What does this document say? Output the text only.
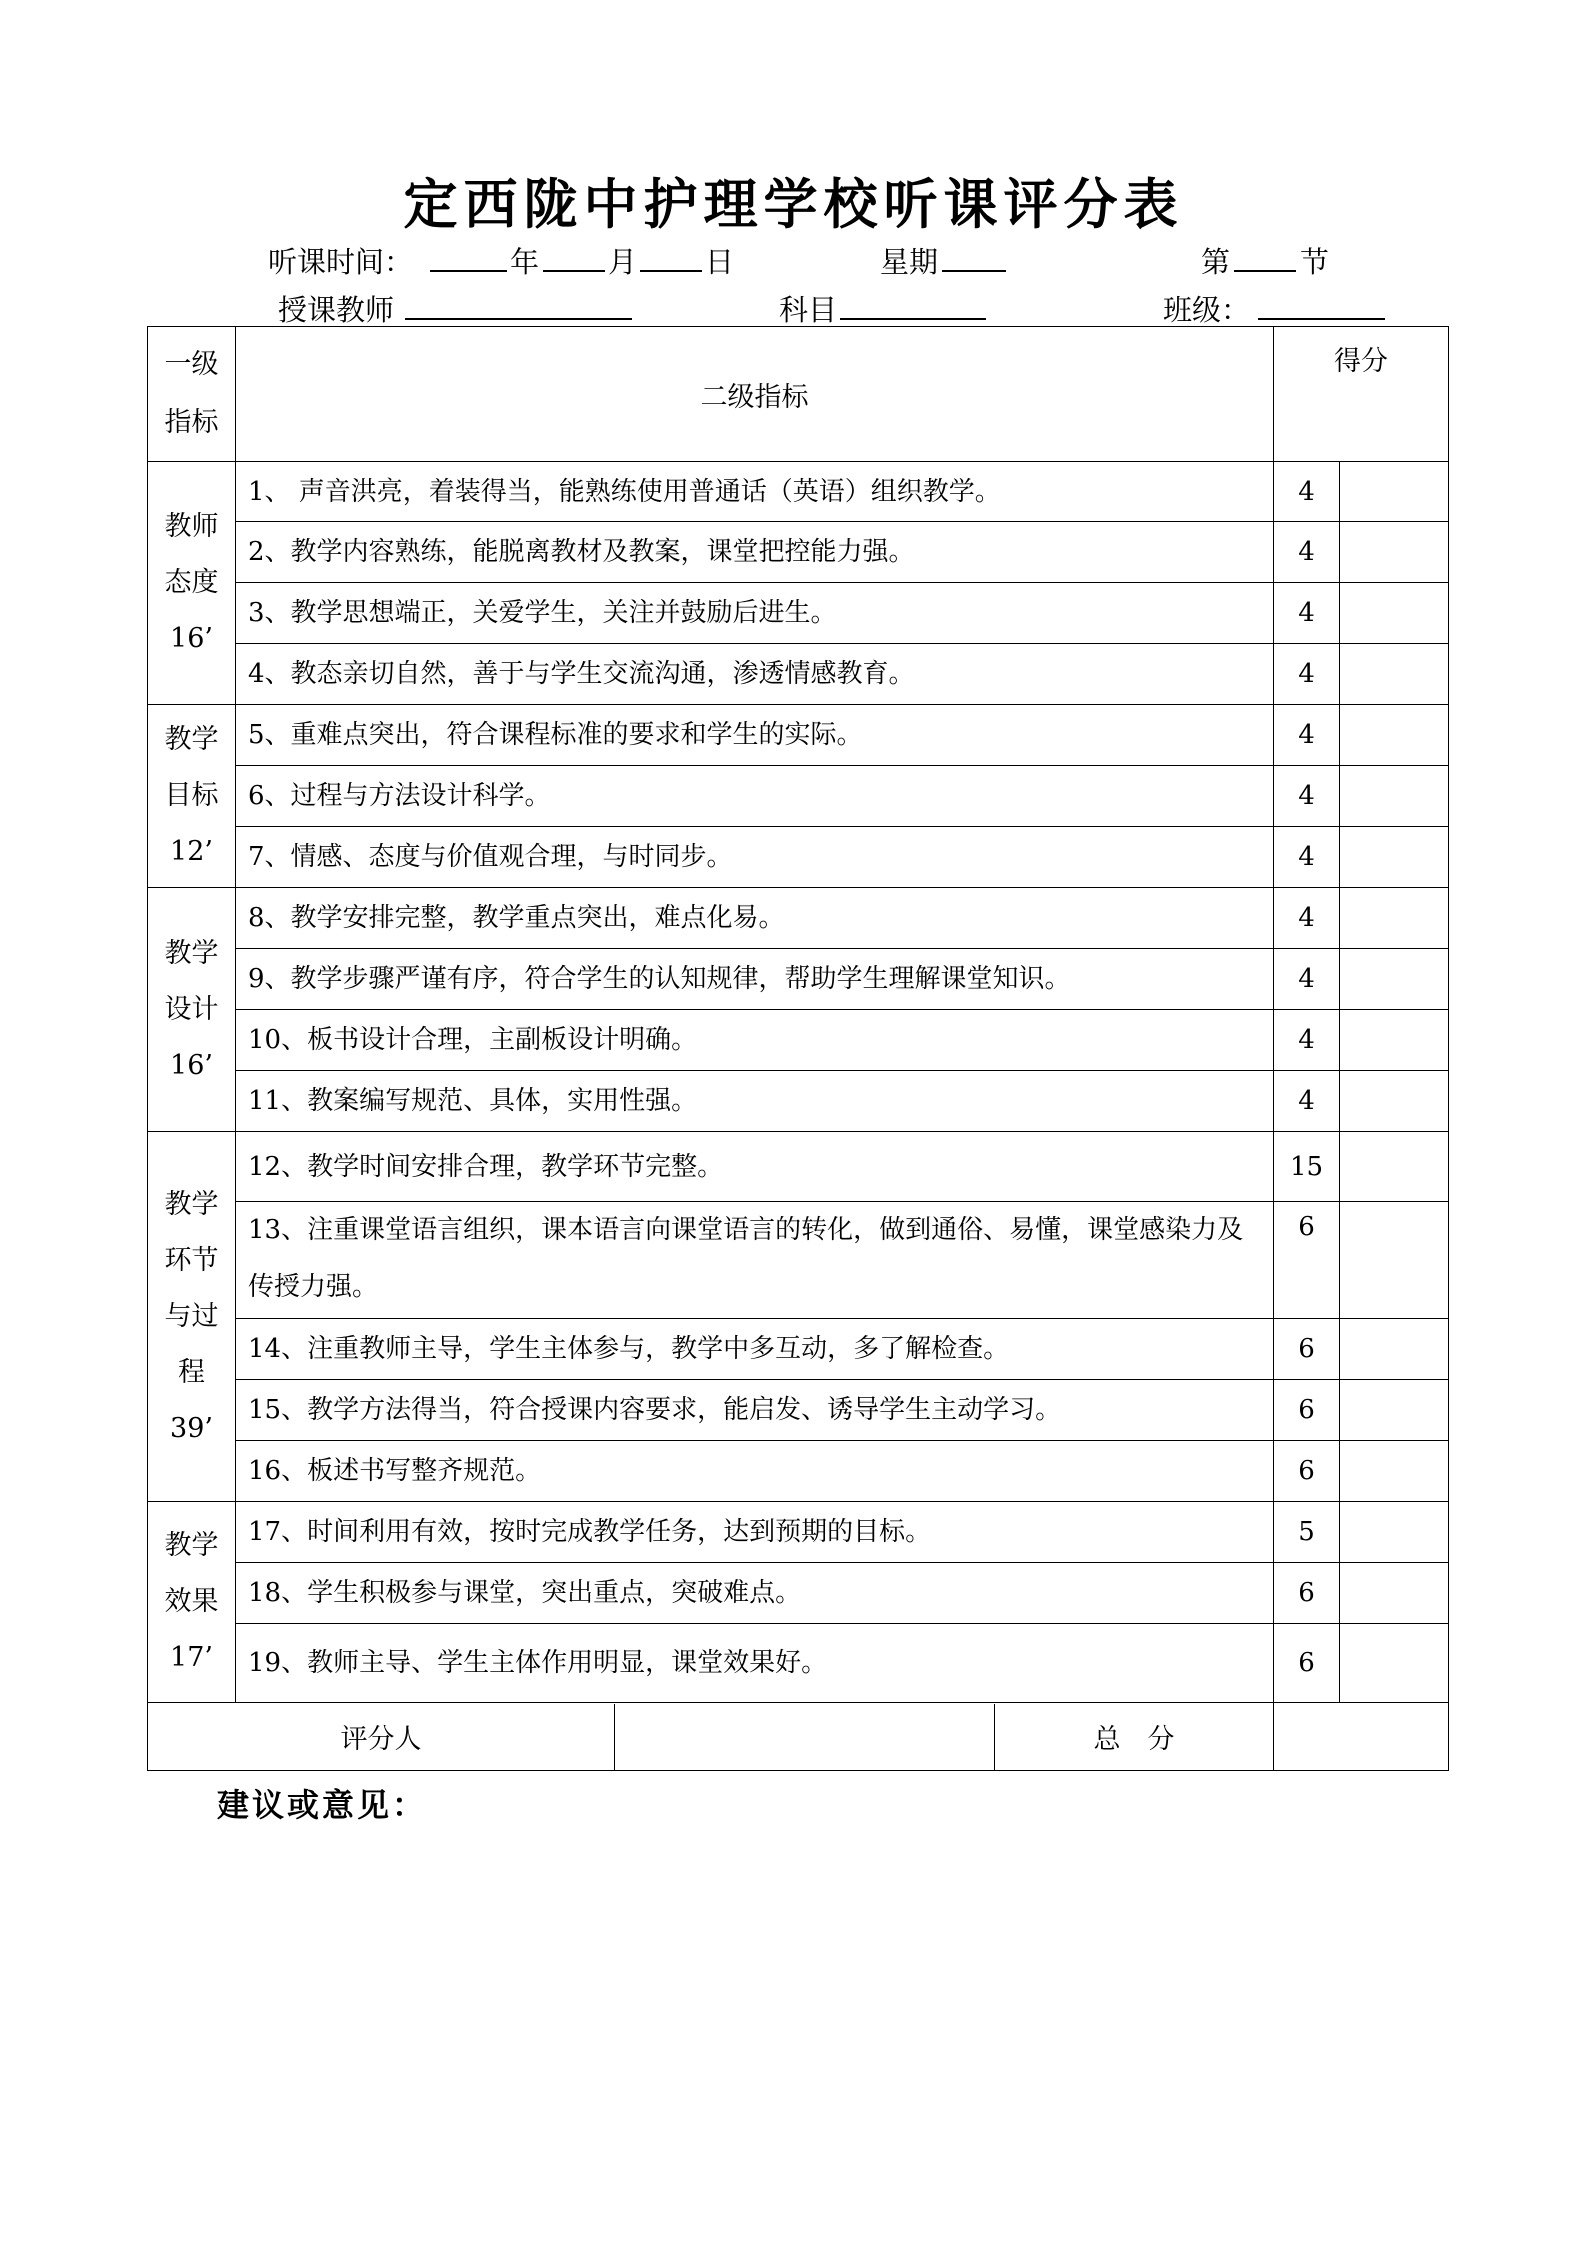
定西陇中护理学校听课评分表
听课时间：	年 月 日	星期	第 节
授课教师	科目	班级：
一级
指标
	二级指标	得分

教师
态度
16’
	1、 声音洪亮，着装得当，能熟练使用普通话（英语）组织教学。	4	
2、教学内容熟练，能脱离教材及教案，课堂把控能力强。	4	
3、教学思想端正，关爱学生，关注并鼓励后进生。	4	
4、教态亲切自然，善于与学生交流沟通，渗透情感教育。	4	

教学
目标
12’
	5、重难点突出，符合课程标准的要求和学生的实际。	4	
6、过程与方法设计科学。	4	
7、情感、态度与价值观合理，与时同步。	4	

教学
设计
16’
	8、教学安排完整，教学重点突出，难点化易。	4	
9、教学步骤严谨有序，符合学生的认知规律，帮助学生理解课堂知识。	4	
10、板书设计合理，主副板设计明确。	4	
11、教案编写规范、具体，实用性强。	4	

教学
环节
与过
程
39’
	12、教学时间安排合理，教学环节完整。	15	
13、注重课堂语言组织，课本语言向课堂语言的转化，做到通俗、易懂，课堂感染力及传授力强。	6	
14、注重教师主导，学生主体参与，教学中多互动，多了解检查。	6	
15、教学方法得当，符合授课内容要求，能启发、诱导学生主动学习。	6	
16、板述书写整齐规范。	6	

教学
效果
17’
	17、时间利用有效，按时完成教学任务，达到预期的目标。	5	
18、学生积极参与课堂，突出重点，突破难点。	6	
19、教师主导、学生主体作用明显，课堂效果好。	6	

评分人		总　分

建议或意见：
